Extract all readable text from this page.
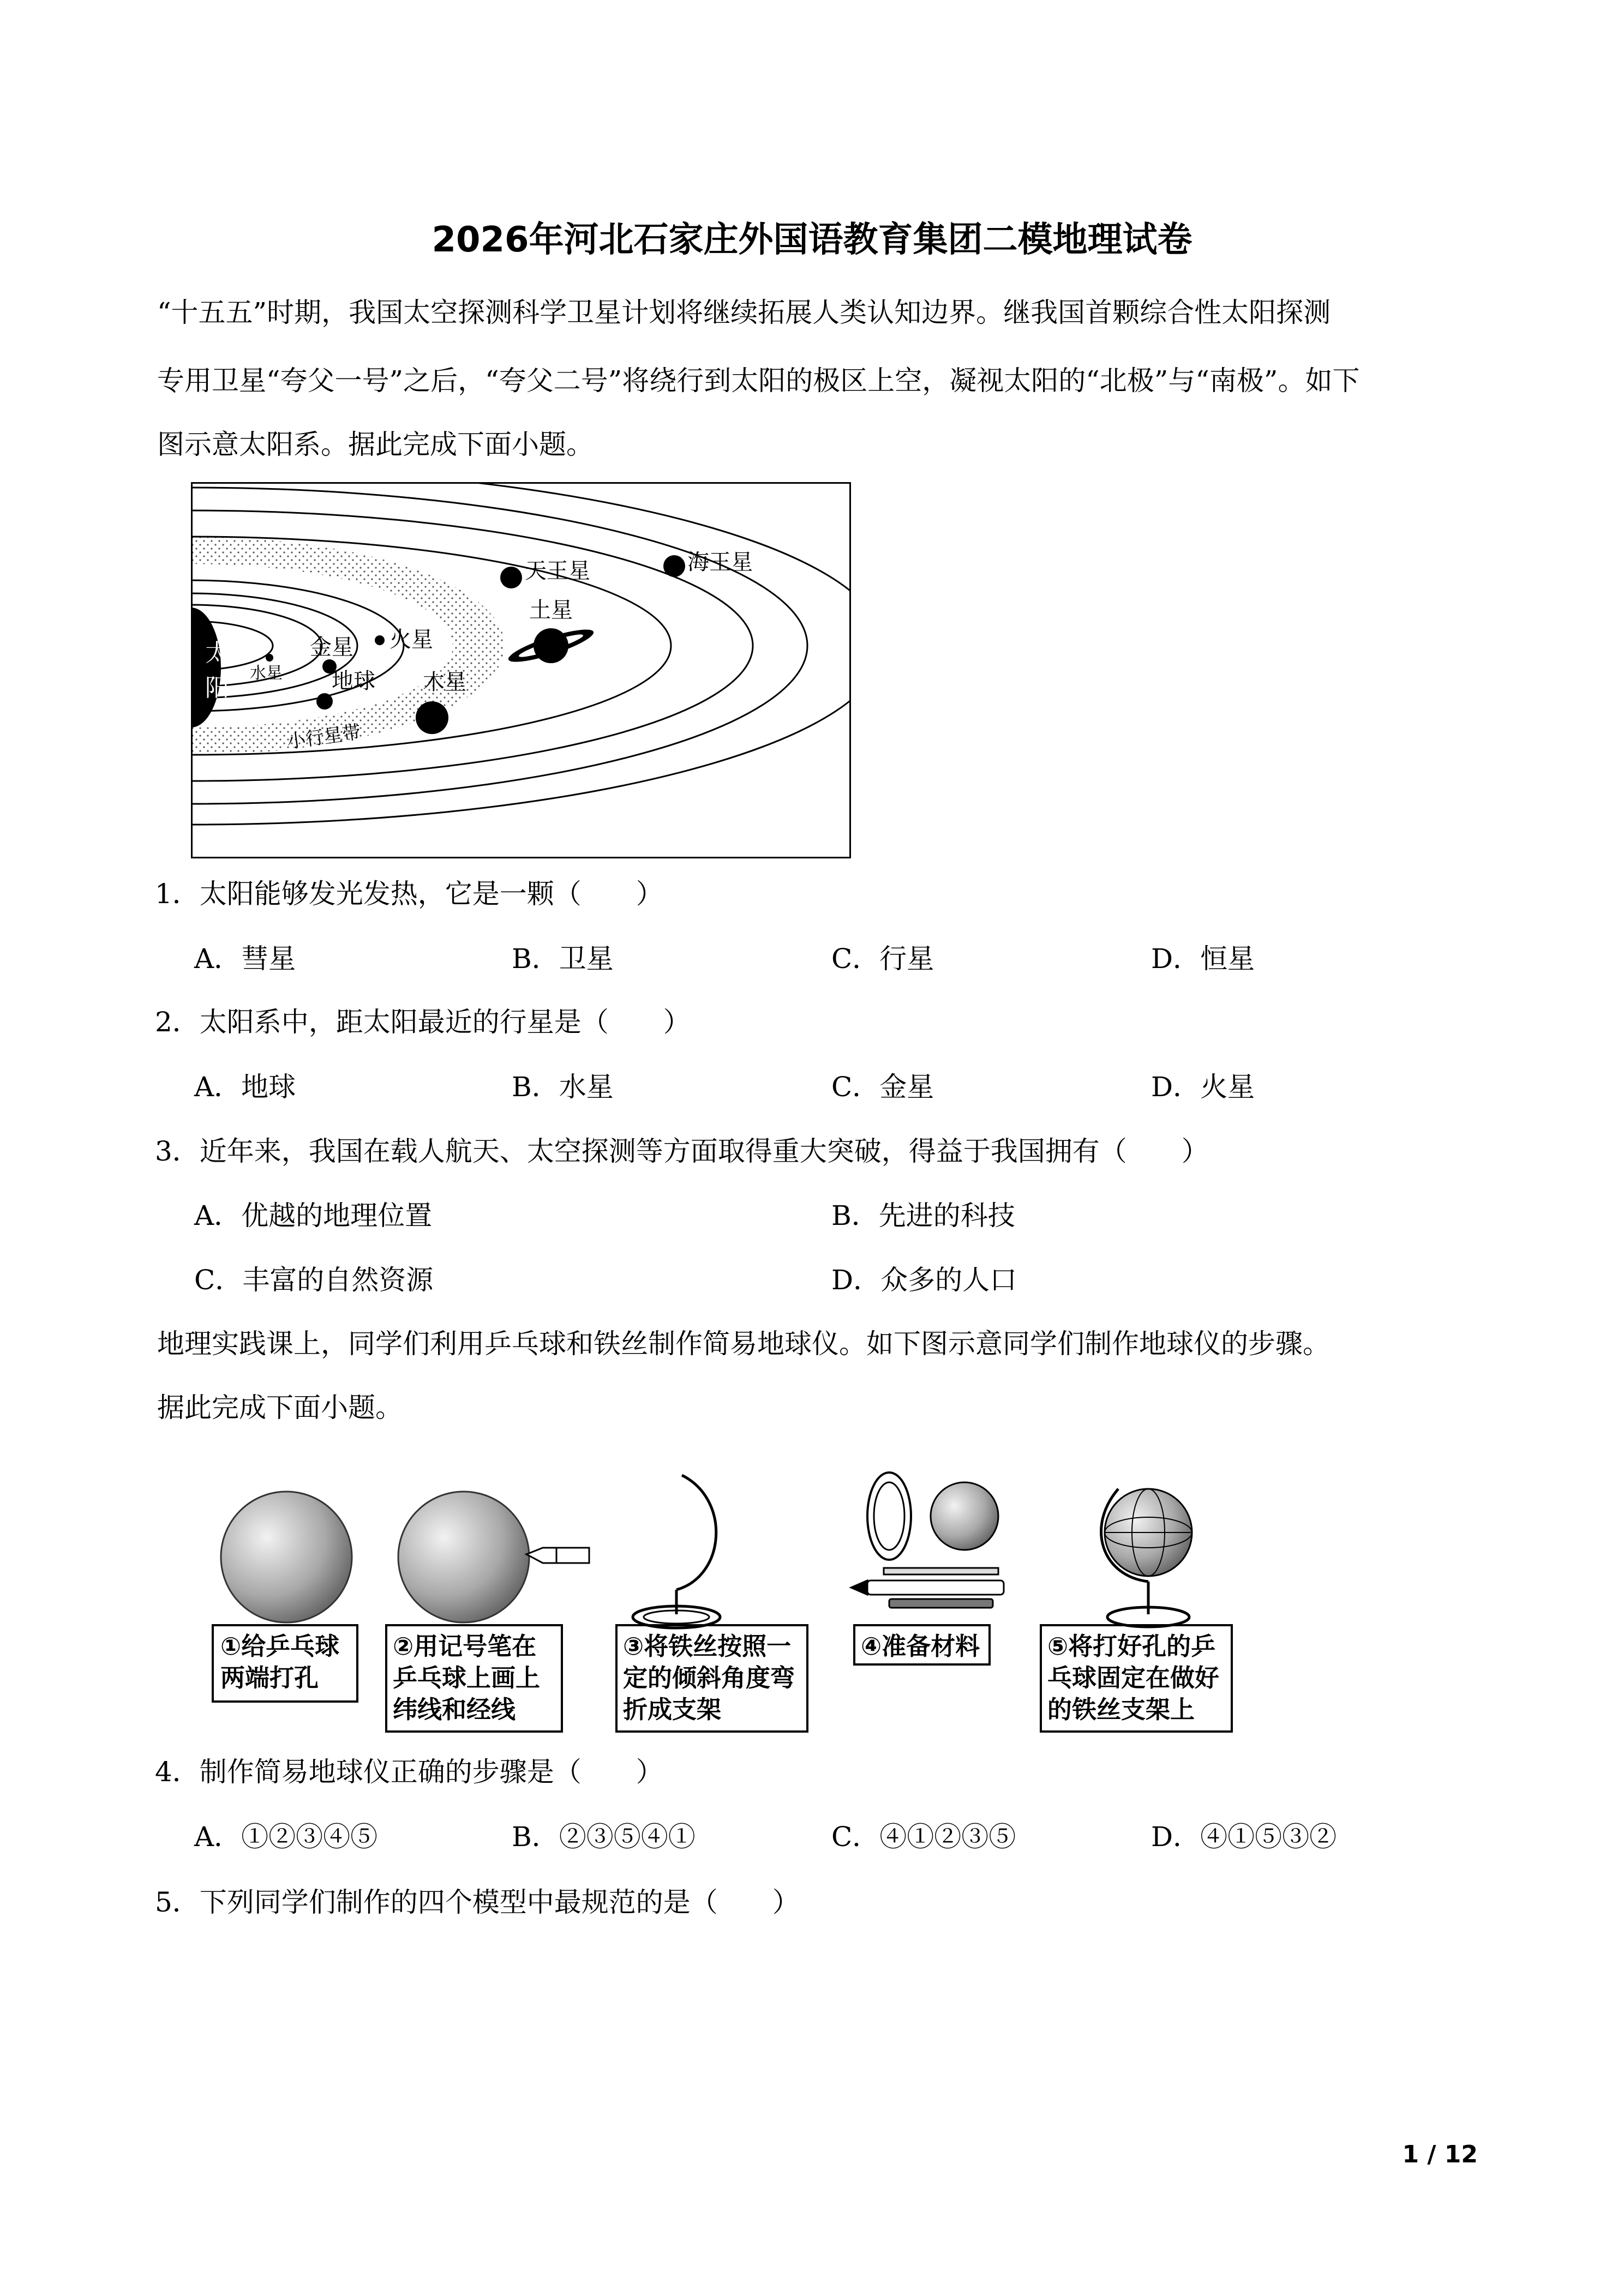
2026年河北石家庄外国语教育集团二模地理试卷
“十五五”时期，我国太空探测科学卫星计划将继续拓展人类认知边界。继我国首颗综合性太阳探测
专用卫星“夸父一号”之后，“夸父二号”将绕行到太阳的极区上空，凝视太阳的“北极”与“南极”。如下
图示意太阳系。据此完成下面小题。
太
阳
水星
金星
地球
火星
木星
土星
天王星	海王星
小行星带
1．太阳能够发光发热，它是一颗（　　）
A．彗星	B．卫星	C．行星	D．恒星
2．太阳系中，距太阳最近的行星是（　　）
A．地球	B．水星	C．金星	D．火星
3．近年来，我国在载人航天、太空探测等方面取得重大突破，得益于我国拥有（　　）
A．优越的地理位置	B．先进的科技
C．丰富的自然资源	D．众多的人口
地理实践课上，同学们利用乒乓球和铁丝制作简易地球仪。如下图示意同学们制作地球仪的步骤。
据此完成下面小题。
①给乒乓球
两端打孔
②用记号笔在
乒乓球上画上
纬线和经线
③将铁丝按照一
定的倾斜角度弯
折成支架
④准备材料	⑤将打好孔的乒
乓球固定在做好
的铁丝支架上
4．制作简易地球仪正确的步骤是（　　）
A．①②③④⑤	B．②③⑤④①	C．④①②③⑤	D．④①⑤③②
5．下列同学们制作的四个模型中最规范的是（　　）
1 / 12
